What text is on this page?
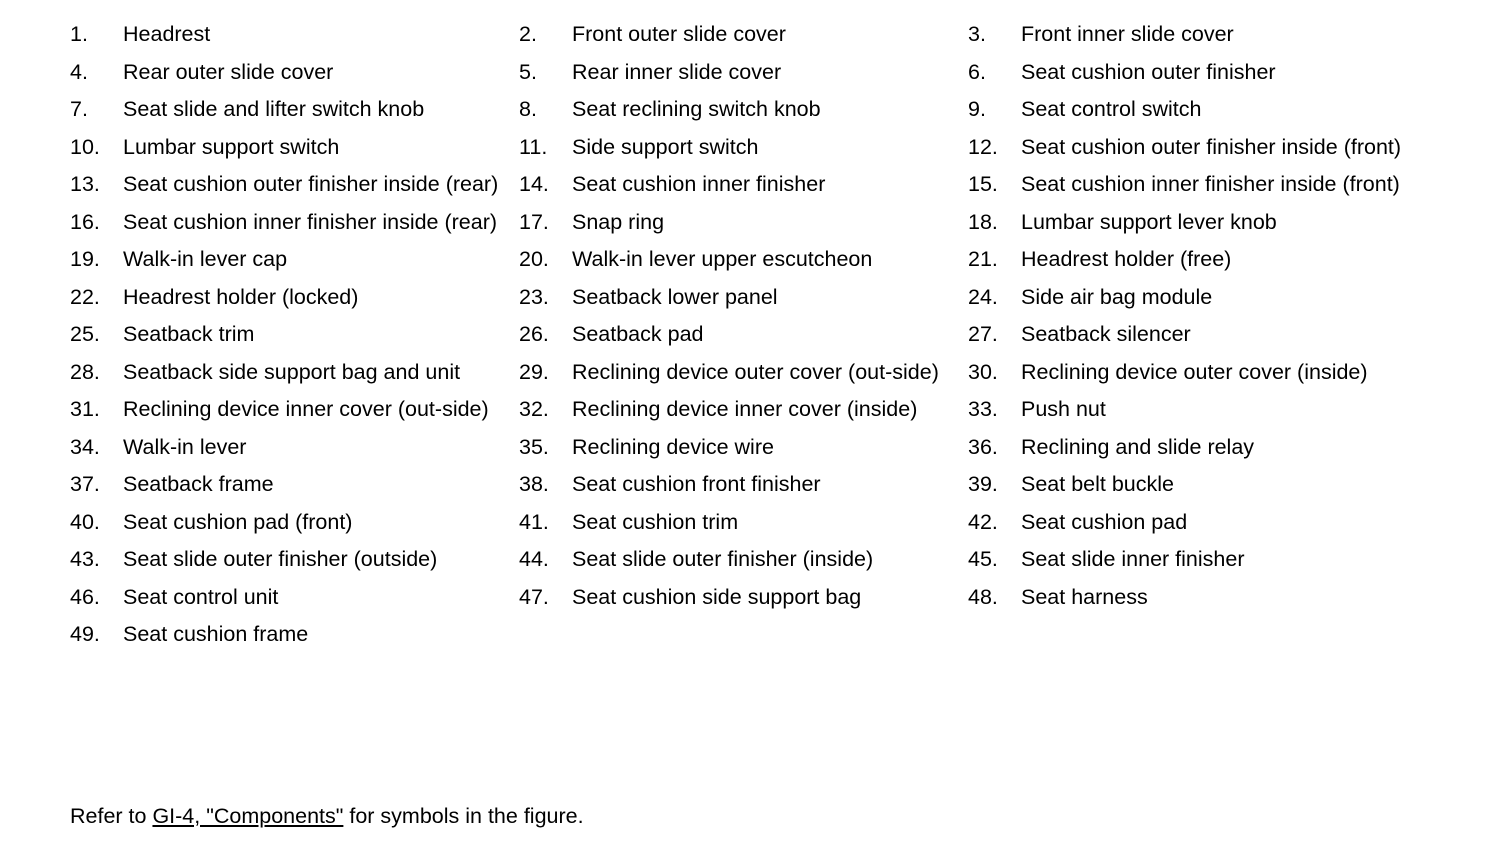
1.	Headrest	2.	Front outer slide cover	3.	Front inner slide cover
4.	Rear outer slide cover	5.	Rear inner slide cover	6.	Seat cushion outer finisher
7.	Seat slide and lifter switch knob	8.	Seat reclining switch knob	9.	Seat control switch
10.	Lumbar support switch	11.	Side support switch	12.	Seat cushion outer finisher inside (front)
13.	Seat cushion outer finisher inside (rear) 14.	Seat cushion inner finisher	15.	Seat cushion inner finisher inside (front)
16.	Seat cushion inner finisher inside (rear)	17.	Snap ring	18.	Lumbar support lever knob
19.	Walk-in lever cap	20.	Walk-in lever upper escutcheon	21.	Headrest holder (free)
22.	Headrest holder (locked)	23.	Seatback lower panel	24.	Side air bag module
25.	Seatback trim	26.	Seatback pad	27.	Seatback silencer
28.	Seatback side support bag and unit	29.	Reclining device outer cover (out-side)	30.	Reclining device outer cover (inside)
31.	Reclining device inner cover (out-side)	32.	Reclining device inner cover (inside)	33.	Push nut
34.	Walk-in lever	35.	Reclining device wire	36.	Reclining and slide relay
37.	Seatback frame	38.	Seat cushion front finisher	39.	Seat belt buckle
40.	Seat cushion pad (front)	41.	Seat cushion trim	42.	Seat cushion pad
43.	Seat slide outer finisher (outside)	44.	Seat slide outer finisher (inside)	45.	Seat slide inner finisher
46.	Seat control unit	47.	Seat cushion side support bag	48.	Seat harness
49.	Seat cushion frame
Refer to GI-4, "Components" for symbols in the figure.
